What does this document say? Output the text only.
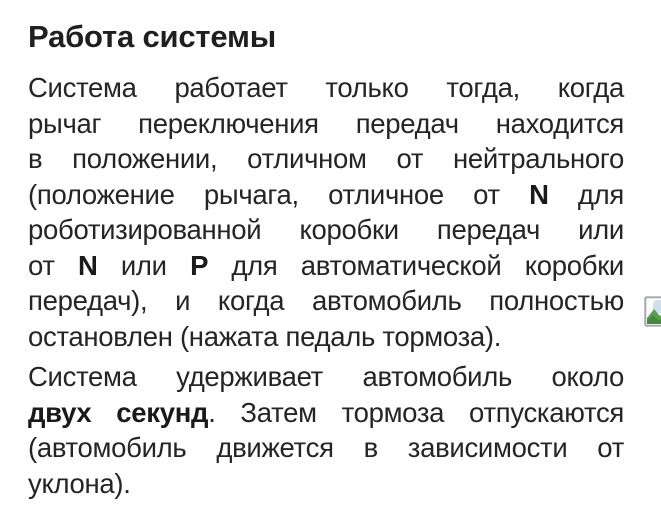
Работа системы
Система работает только тогда, когда
рычаг переключения передач находится
в положении, отличном от нейтрального
(положение рычага, отличное от N для
роботизированной коробки передач или
от N или P для автоматической коробки
передач), и когда автомобиль полностью
остановлен (нажата педаль тормоза).
Система удерживает автомобиль около
двух секунд. Затем тормоза отпускаются
(автомобиль движется в зависимости от
уклона).
